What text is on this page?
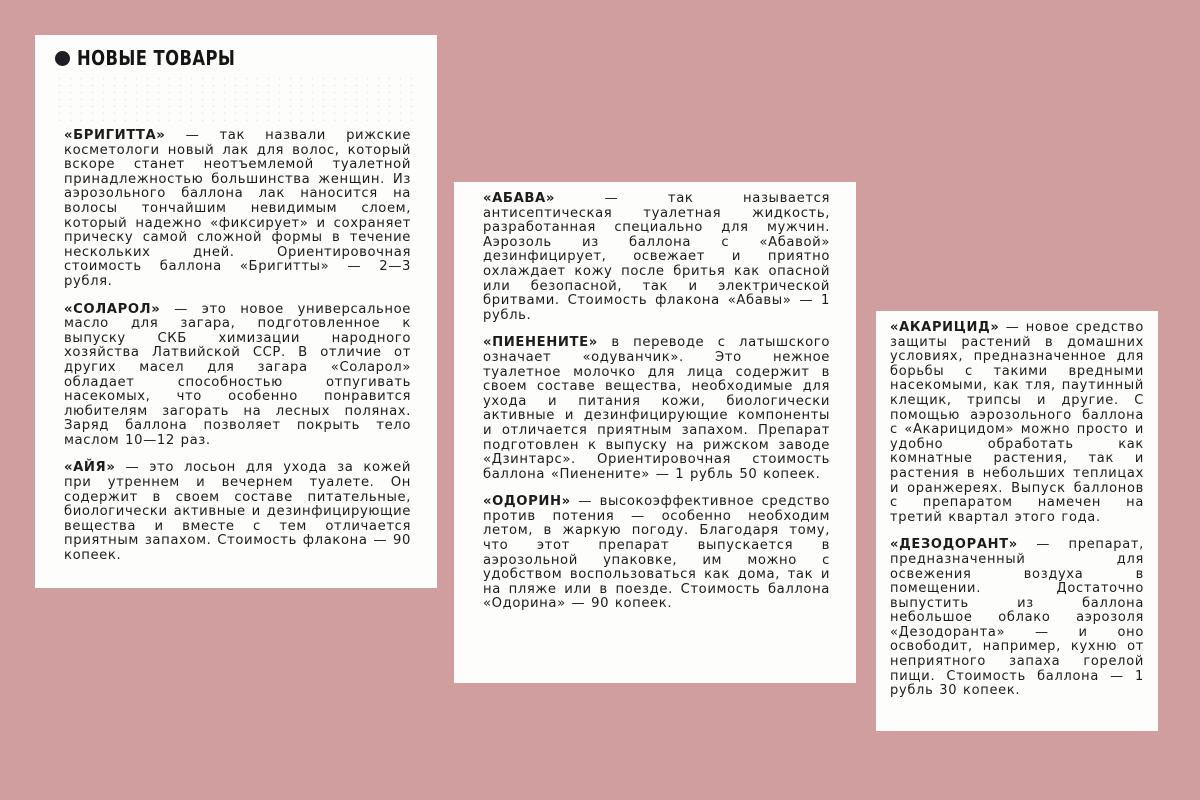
НОВЫЕ ТОВАРЫ

«БРИГИТТА» — так назвали рижские косметологи новый лак для волос, который вскоре станет неотъемлемой туалетной принадлежностью большинства женщин. Из аэрозольного баллона лак наносится на волосы тончайшим невидимым слоем, который надежно «фиксирует» и сохраняет прическу самой сложной формы в течение нескольких дней. Ориентировочная стоимость баллона «Бригитты» — 2—3 рубля.

«СОЛАРОЛ» — это новое универсальное масло для загара, подготовленное к выпуску СКБ химизации народного хозяйства Латвийской ССР. В отличие от других масел для загара «Соларол» обладает способностью отпугивать насекомых, что особенно понравится любителям загорать на лесных полянах. Заряд баллона позволяет покрыть тело маслом 10—12 раз.

«АЙЯ» — это лосьон для ухода за кожей при утреннем и вечернем туалете. Он содержит в своем составе питательные, биологически активные и дезинфицирующие вещества и вместе с тем отличается приятным запахом. Стоимость флакона — 90 копеек.

«АБАВА» — так называется антисептическая туалетная жидкость, разработанная специально для мужчин. Аэрозоль из баллона с «Абавой» дезинфицирует, освежает и приятно охлаждает кожу после бритья как опасной или безопасной, так и электрической бритвами. Стоимость флакона «Абавы» — 1 рубль.

«ПИЕНЕНИТЕ» в переводе с латышского означает «одуванчик». Это нежное туалетное молочко для лица содержит в своем составе вещества, необходимые для ухода и питания кожи, биологически активные и дезинфицирующие компоненты и отличается приятным запахом. Препарат подготовлен к выпуску на рижском заводе «Дзинтарс». Ориентировочная стоимость баллона «Пиенените» — 1 рубль 50 копеек.

«ОДОРИН» — высокоэффективное средство против потения — особенно необходим летом, в жаркую погоду. Благодаря тому, что этот препарат выпускается в аэрозольной упаковке, им можно с удобством воспользоваться как дома, так и на пляже или в поезде. Стоимость баллона «Одорина» — 90 копеек.

«АКАРИЦИД» — новое средство защиты растений в домашних условиях, предназначенное для борьбы с такими вредными насекомыми, как тля, паутинный клещик, трипсы и другие. С помощью аэрозольного баллона с «Акарицидом» можно просто и удобно обработать как комнатные растения, так и растения в небольших теплицах и оранжереях. Выпуск баллонов с препаратом намечен на третий квартал этого года.

«ДЕЗОДОРАНТ» — препарат, предназначенный для освежения воздуха в помещении. Достаточно выпустить из баллона небольшое облако аэрозоля «Дезодоранта» — и оно освободит, например, кухню от неприятного запаха горелой пищи. Стоимость баллона — 1 рубль 30 копеек.
